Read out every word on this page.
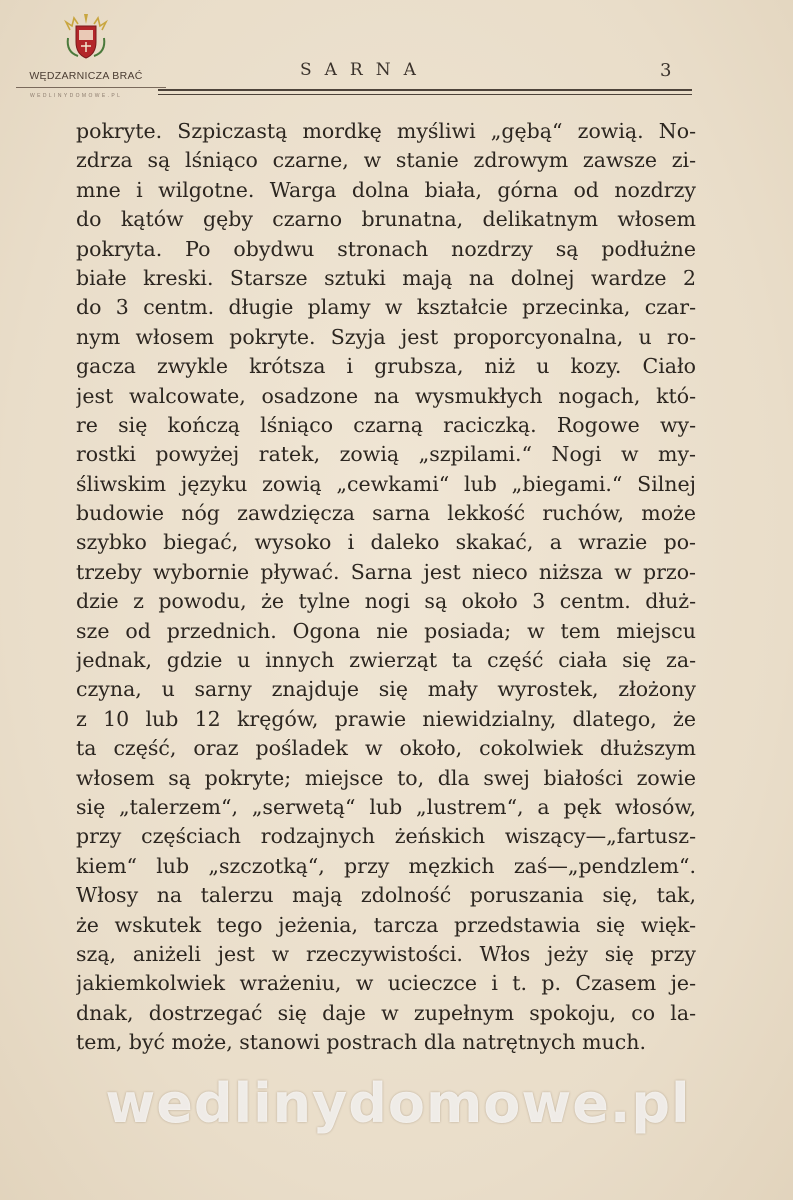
WĘDZARNICZA BRAĆ
WEDLINYDOMOWE.PL
SARNA	3
pokryte. Szpiczastą mordkę myśliwi „gębą“ zowią. No-
zdrza są lśniąco czarne, w stanie zdrowym zawsze zi-
mne i wilgotne. Warga dolna biała, górna od nozdrzy
do kątów gęby czarno brunatna, delikatnym włosem
pokryta. Po obydwu stronach nozdrzy są podłużne
białe kreski. Starsze sztuki mają na dolnej wardze 2
do 3 centm. długie plamy w kształcie przecinka, czar-
nym włosem pokryte. Szyja jest proporcyonalna, u ro-
gacza zwykle krótsza i grubsza, niż u kozy. Ciało
jest walcowate, osadzone na wysmukłych nogach, któ-
re się kończą lśniąco czarną raciczką. Rogowe wy-
rostki powyżej ratek, zowią „szpilami.“ Nogi w my-
śliwskim języku zowią „cewkami“ lub „biegami.“ Silnej
budowie nóg zawdzięcza sarna lekkość ruchów, może
szybko biegać, wysoko i daleko skakać, a wrazie po-
trzeby wybornie pływać. Sarna jest nieco niższa w przo-
dzie z powodu, że tylne nogi są około 3 centm. dłuż-
sze od przednich. Ogona nie posiada; w tem miejscu
jednak, gdzie u innych zwierząt ta część ciała się za-
czyna, u sarny znajduje się mały wyrostek, złożony
z 10 lub 12 kręgów, prawie niewidzialny, dlatego, że
ta część, oraz pośladek w około, cokolwiek dłuższym
włosem są pokryte; miejsce to, dla swej białości zowie
się „talerzem“, „serwetą“ lub „lustrem“, a pęk włosów,
przy częściach rodzajnych żeńskich wiszący—„fartusz-
kiem“ lub „szczotką“, przy męzkich zaś—„pendzlem“.
Włosy na talerzu mają zdolność poruszania się, tak,
że wskutek tego jeżenia, tarcza przedstawia się więk-
szą, aniżeli jest w rzeczywistości. Włos jeży się przy
jakiemkolwiek wrażeniu, w ucieczce i t. p. Czasem je-
dnak, dostrzegać się daje w zupełnym spokoju, co la-
tem, być może, stanowi postrach dla natrętnych much.
wedlinydomowe.pl
